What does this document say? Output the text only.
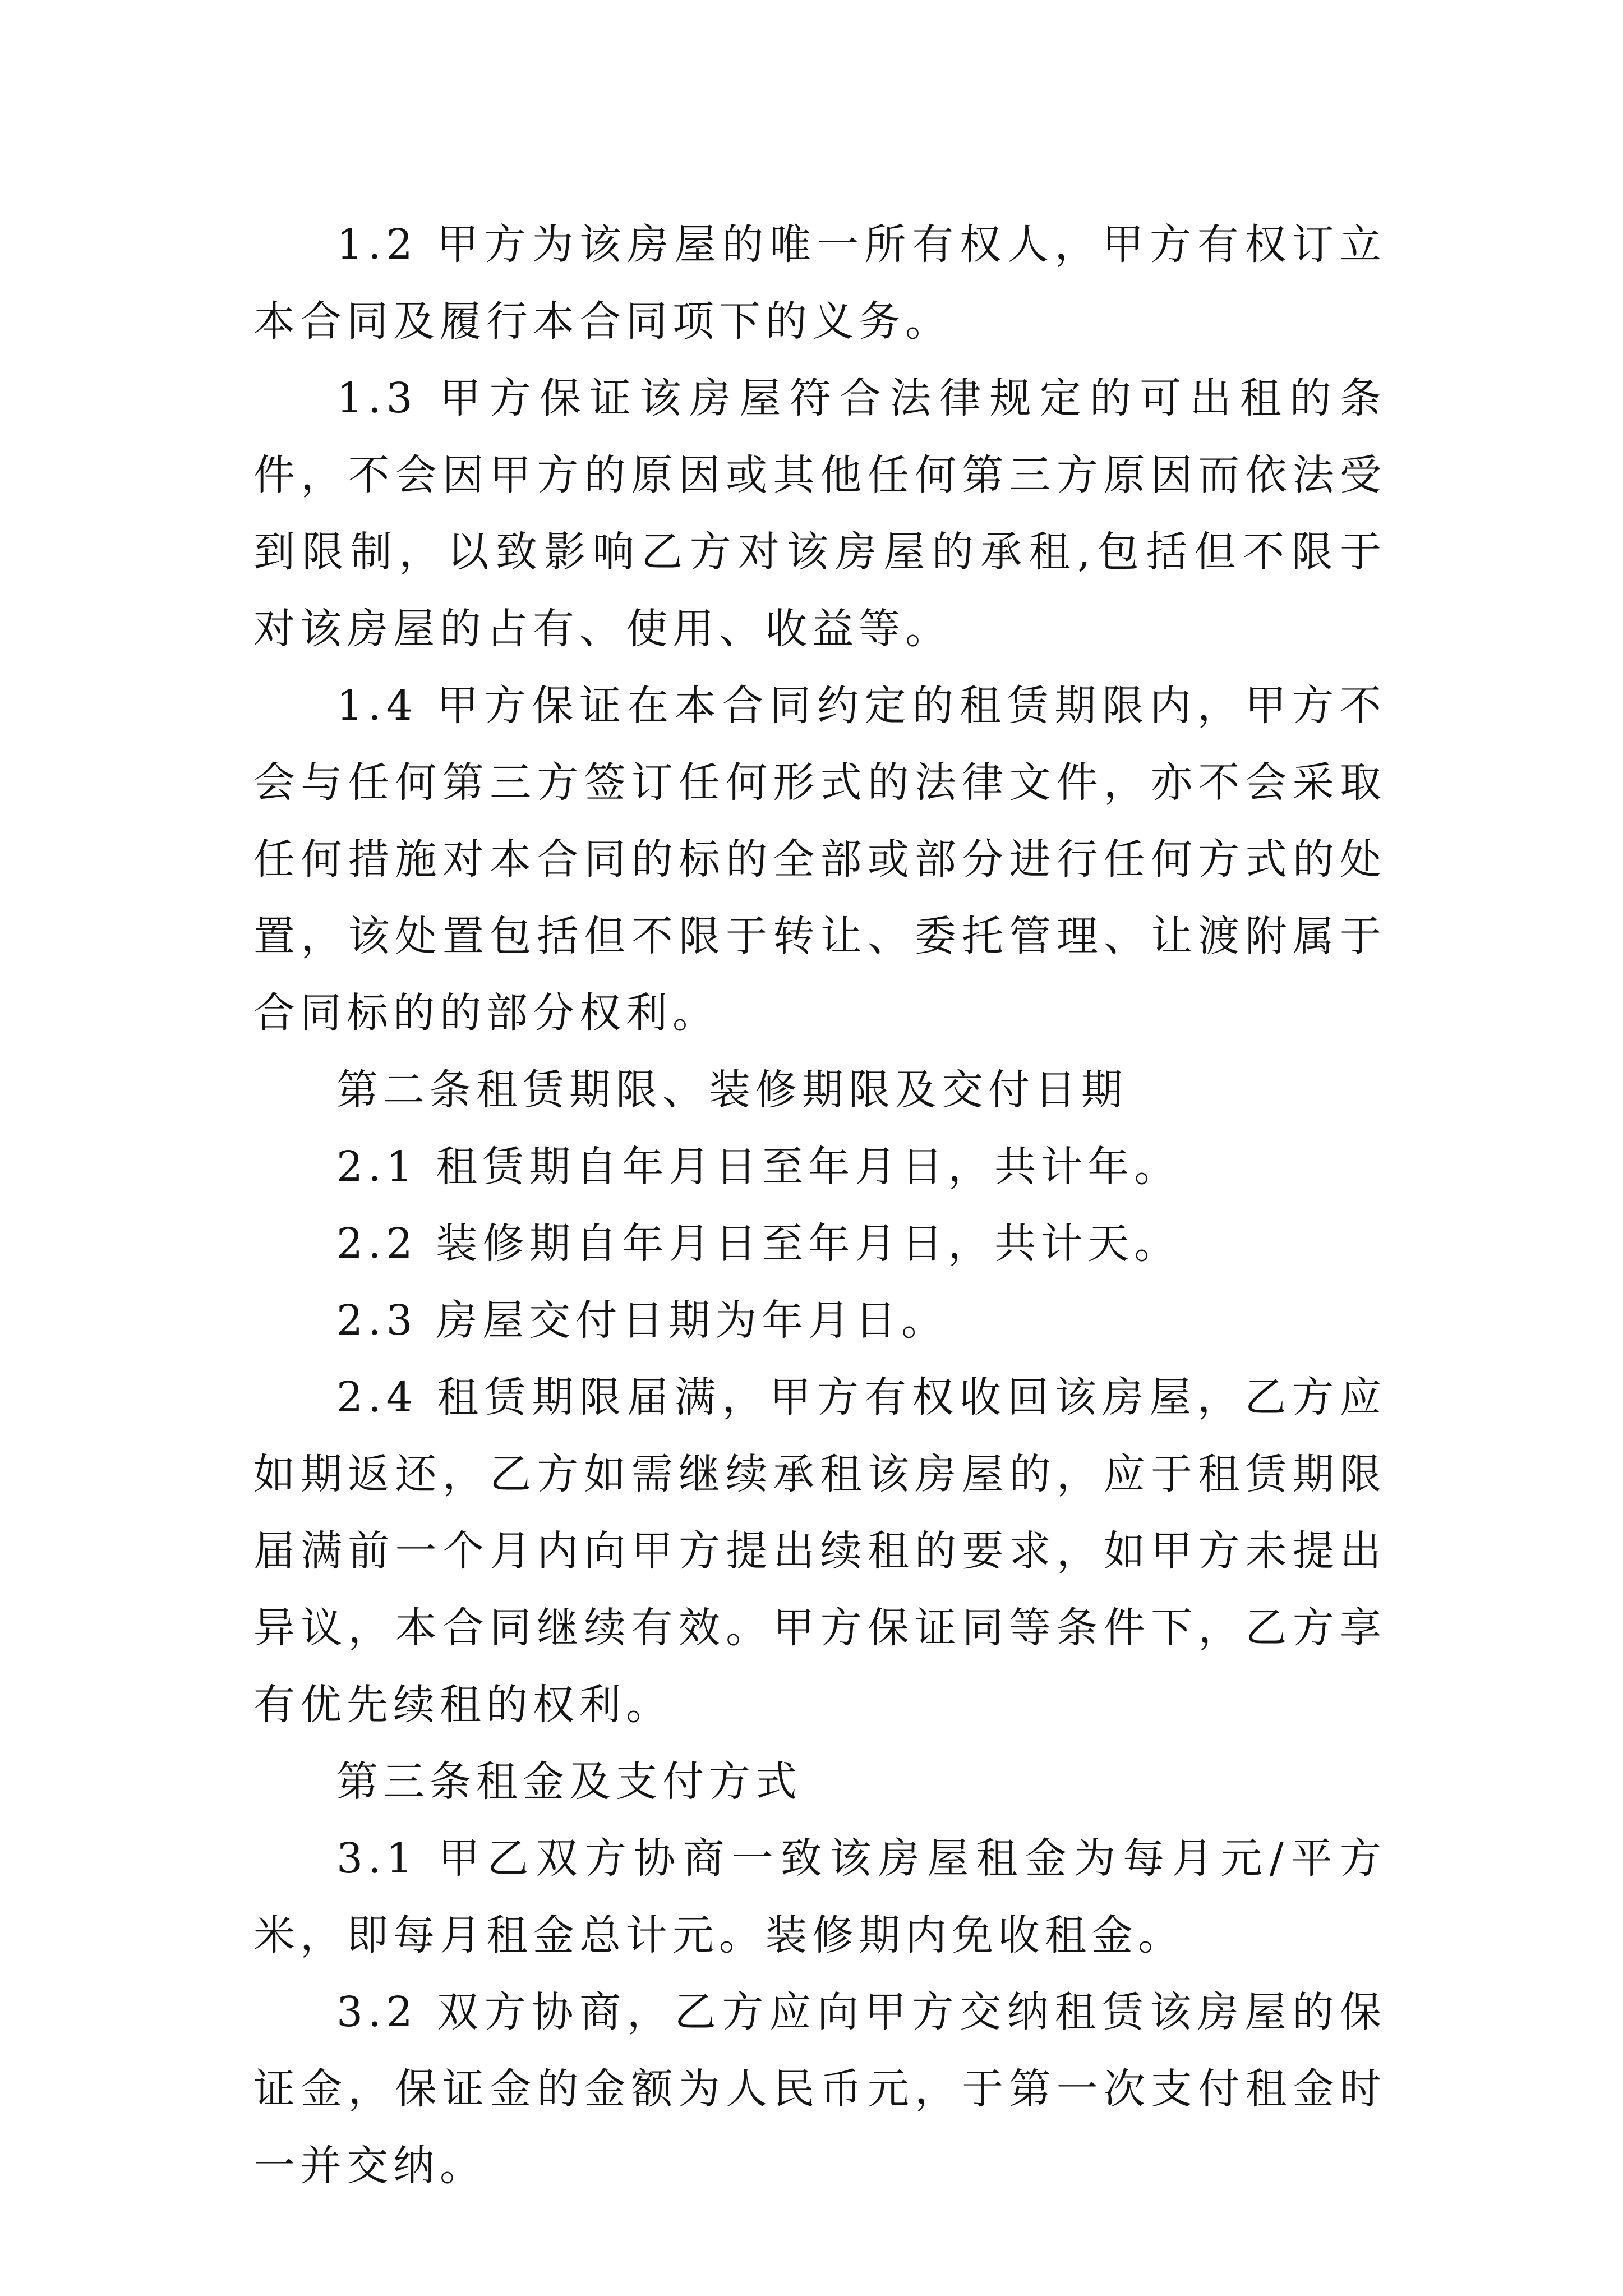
1.2 甲方为该房屋的唯一所有权人，甲方有权订立本合同及履行本合同项下的义务。

1.3 甲方保证该房屋符合法律规定的可出租的条件，不会因甲方的原因或其他任何第三方原因而依法受到限制，以致影响乙方对该房屋的承租,包括但不限于对该房屋的占有、使用、收益等。

1.4 甲方保证在本合同约定的租赁期限内，甲方不会与任何第三方签订任何形式的法律文件，亦不会采取任何措施对本合同的标的全部或部分进行任何方式的处置，该处置包括但不限于转让、委托管理、让渡附属于合同标的的部分权利。

第二条租赁期限、装修期限及交付日期

2.1 租赁期自年月日至年月日，共计年。

2.2 装修期自年月日至年月日，共计天。

2.3 房屋交付日期为年月日。

2.4 租赁期限届满，甲方有权收回该房屋，乙方应如期返还，乙方如需继续承租该房屋的，应于租赁期限届满前一个月内向甲方提出续租的要求，如甲方未提出异议，本合同继续有效。甲方保证同等条件下，乙方享有优先续租的权利。

第三条租金及支付方式

3.1 甲乙双方协商一致该房屋租金为每月元/平方米，即每月租金总计元。装修期内免收租金。

3.2 双方协商，乙方应向甲方交纳租赁该房屋的保证金，保证金的金额为人民币元，于第一次支付租金时一并交纳。
